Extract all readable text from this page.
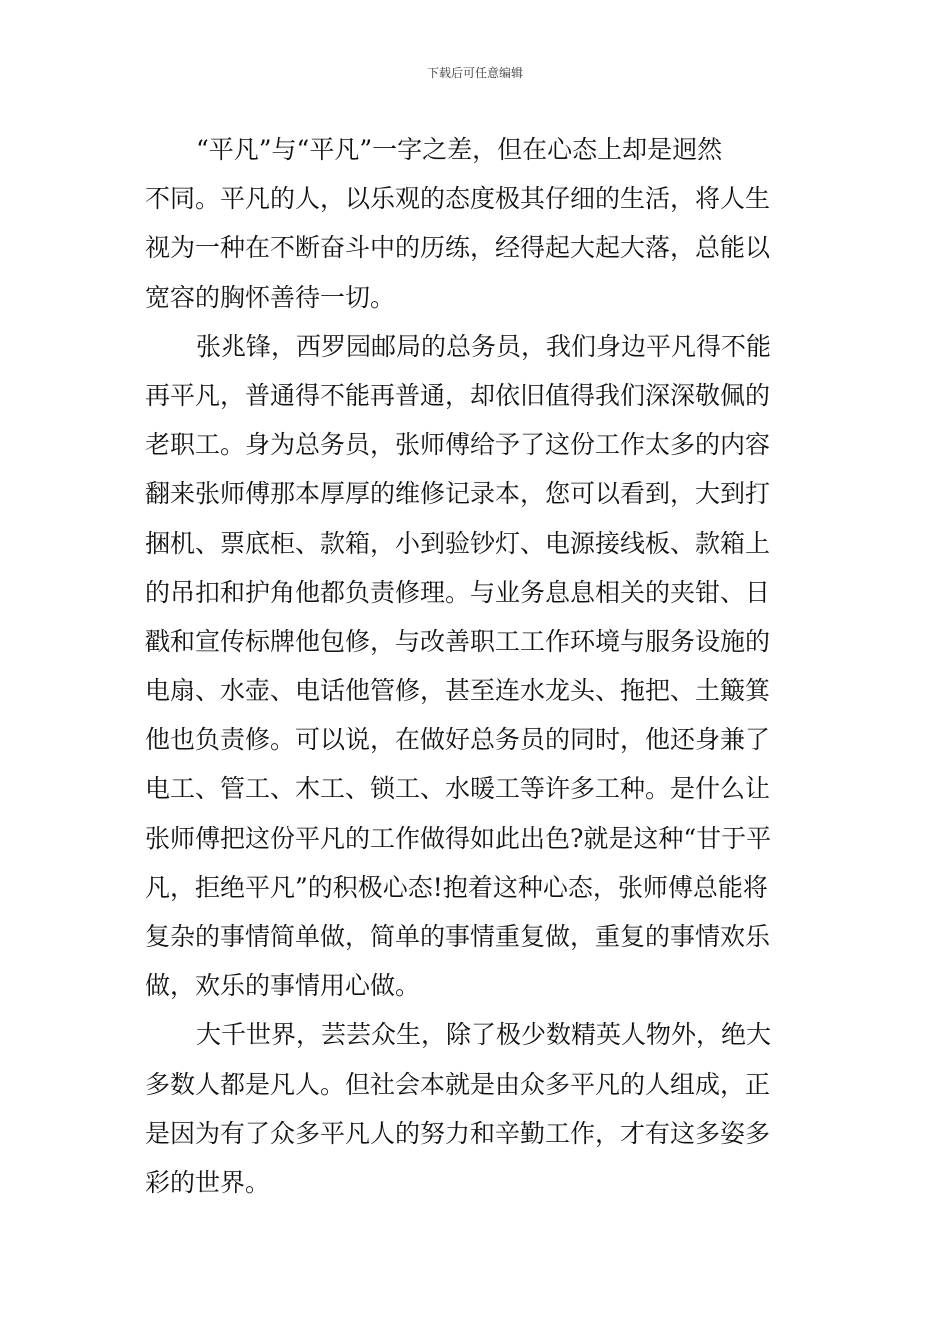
下载后可任意编辑
“平凡”与“平凡”一字之差，但在心态上却是迥然
不同。平凡的人，以乐观的态度极其仔细的生活，将人生
视为一种在不断奋斗中的历练，经得起大起大落，总能以
宽容的胸怀善待一切。
张兆锋，西罗园邮局的总务员，我们身边平凡得不能
再平凡，普通得不能再普通，却依旧值得我们深深敬佩的
老职工。身为总务员，张师傅给予了这份工作太多的内容
翻来张师傅那本厚厚的维修记录本，您可以看到，大到打
捆机、票底柜、款箱，小到验钞灯、电源接线板、款箱上
的吊扣和护角他都负责修理。与业务息息相关的夹钳、日
戳和宣传标牌他包修，与改善职工工作环境与服务设施的
电扇、水壶、电话他管修，甚至连水龙头、拖把、土簸箕
他也负责修。可以说，在做好总务员的同时，他还身兼了
电工、管工、木工、锁工、水暖工等许多工种。是什么让
张师傅把这份平凡的工作做得如此出色?就是这种“甘于平
凡，拒绝平凡”的积极心态!抱着这种心态，张师傅总能将
复杂的事情简单做，简单的事情重复做，重复的事情欢乐
做，欢乐的事情用心做。
大千世界，芸芸众生，除了极少数精英人物外，绝大
多数人都是凡人。但社会本就是由众多平凡的人组成，正
是因为有了众多平凡人的努力和辛勤工作，才有这多姿多
彩的世界。
